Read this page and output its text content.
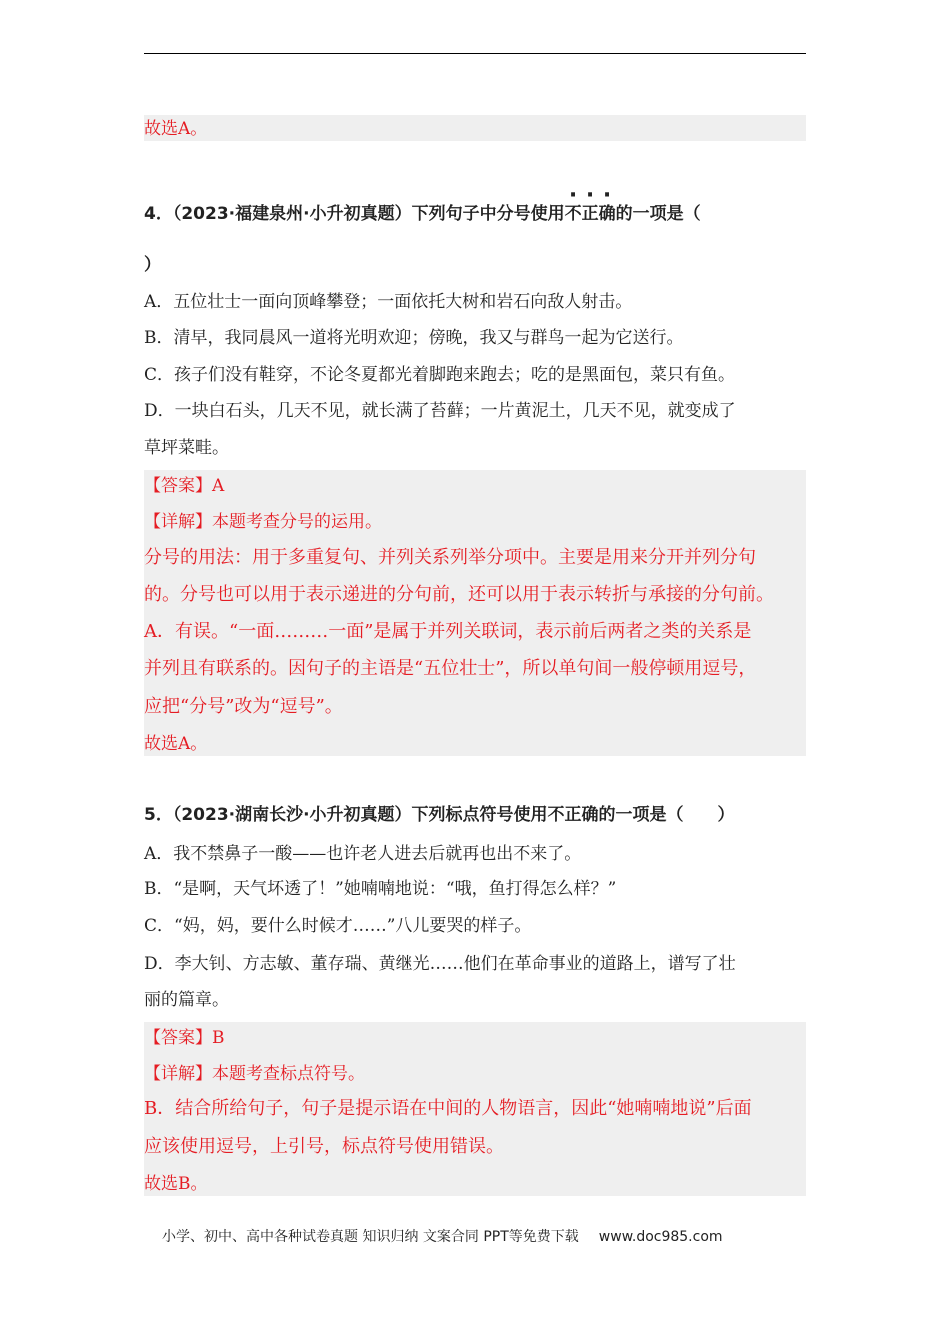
故选A。
4．（2023·福建泉州·小升初真题）下列句子中分号使用不正确的一项是（
）
A．五位壮士一面向顶峰攀登；一面依托大树和岩石向敌人射击。
B．清早，我同晨风一道将光明欢迎；傍晚，我又与群鸟一起为它送行。
C．孩子们没有鞋穿，不论冬夏都光着脚跑来跑去；吃的是黑面包，菜只有鱼。
D．一块白石头，几天不见，就长满了苔藓；一片黄泥土，几天不见，就变成了
草坪菜畦。
【答案】A
【详解】本题考查分号的运用。
分号的用法：用于多重复句、并列关系列举分项中。主要是用来分开并列分句
的。分号也可以用于表示递进的分句前，还可以用于表示转折与承接的分句前。
A．有误。“一面………一面”是属于并列关联词，表示前后两者之类的关系是
并列且有联系的。因句子的主语是“五位壮士”，所以单句间一般停顿用逗号，
应把“分号”改为“逗号”。
故选A。
5．（2023·湖南长沙·小升初真题）下列标点符号使用不正确的一项是（　　）
A．我不禁鼻子一酸——也许老人进去后就再也出不来了。
B．“是啊，天气坏透了！”她喃喃地说：“哦，鱼打得怎么样？”
C．“妈，妈，要什么时候才……”八儿要哭的样子。
D．李大钊、方志敏、董存瑞、黄继光……他们在革命事业的道路上，谱写了壮
丽的篇章。
【答案】B
【详解】本题考查标点符号。
B．结合所给句子，句子是提示语在中间的人物语言，因此“她喃喃地说”后面
应该使用逗号，上引号，标点符号使用错误。
故选B。
小学、初中、高中各种试卷真题 知识归纳 文案合同 PPT等免费下载 www.doc985.com
